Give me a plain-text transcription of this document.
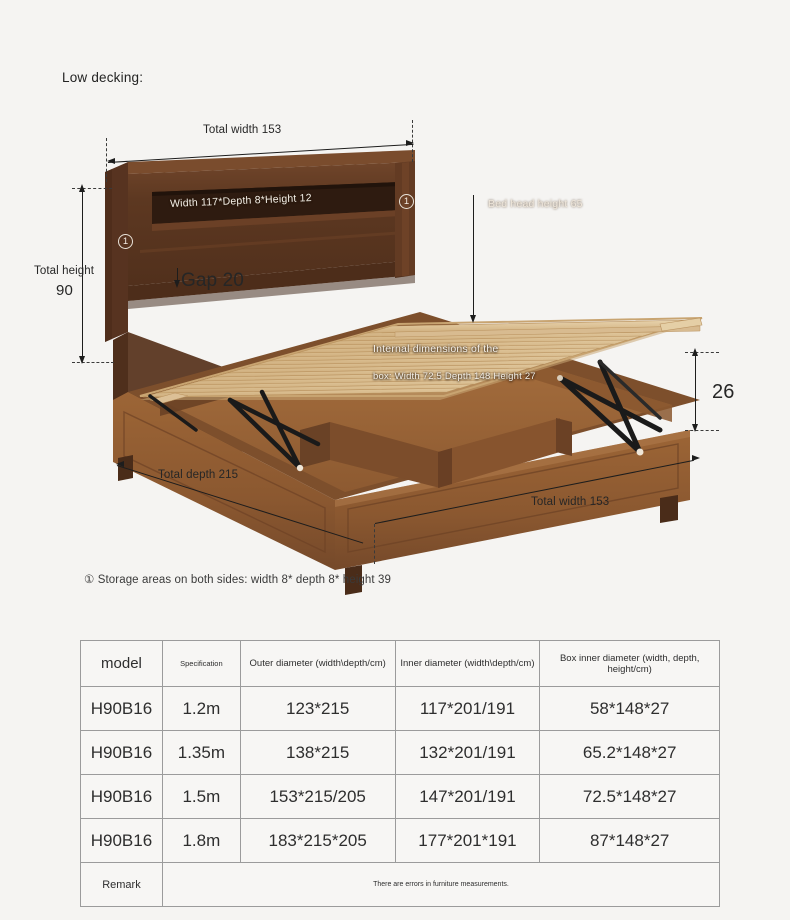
Low decking:
Total width 153
Total height
90
Width 117*Depth 8*Height 12
1
1	Bed head height 65
Gap 20
Internal dimensions of the
box: Width 72.5 Depth 148 Height 27
26
Total depth 215
Total width 153
① Storage areas on both sides: width 8* depth 8* height 39
model	Specification	Outer diameter (width\depth/cm)	Inner diameter (width\depth/cm)	Box inner diameter (width, depth, height/cm)
H90B16	1.2m	123*215	117*201/191	58*148*27
H90B16	1.35m	138*215	132*201/191	65.2*148*27
H90B16	1.5m	153*215/205	147*201/191	72.5*148*27
H90B16	1.8m	183*215*205	177*201*191	87*148*27
Remark	There are errors in furniture measurements.			
